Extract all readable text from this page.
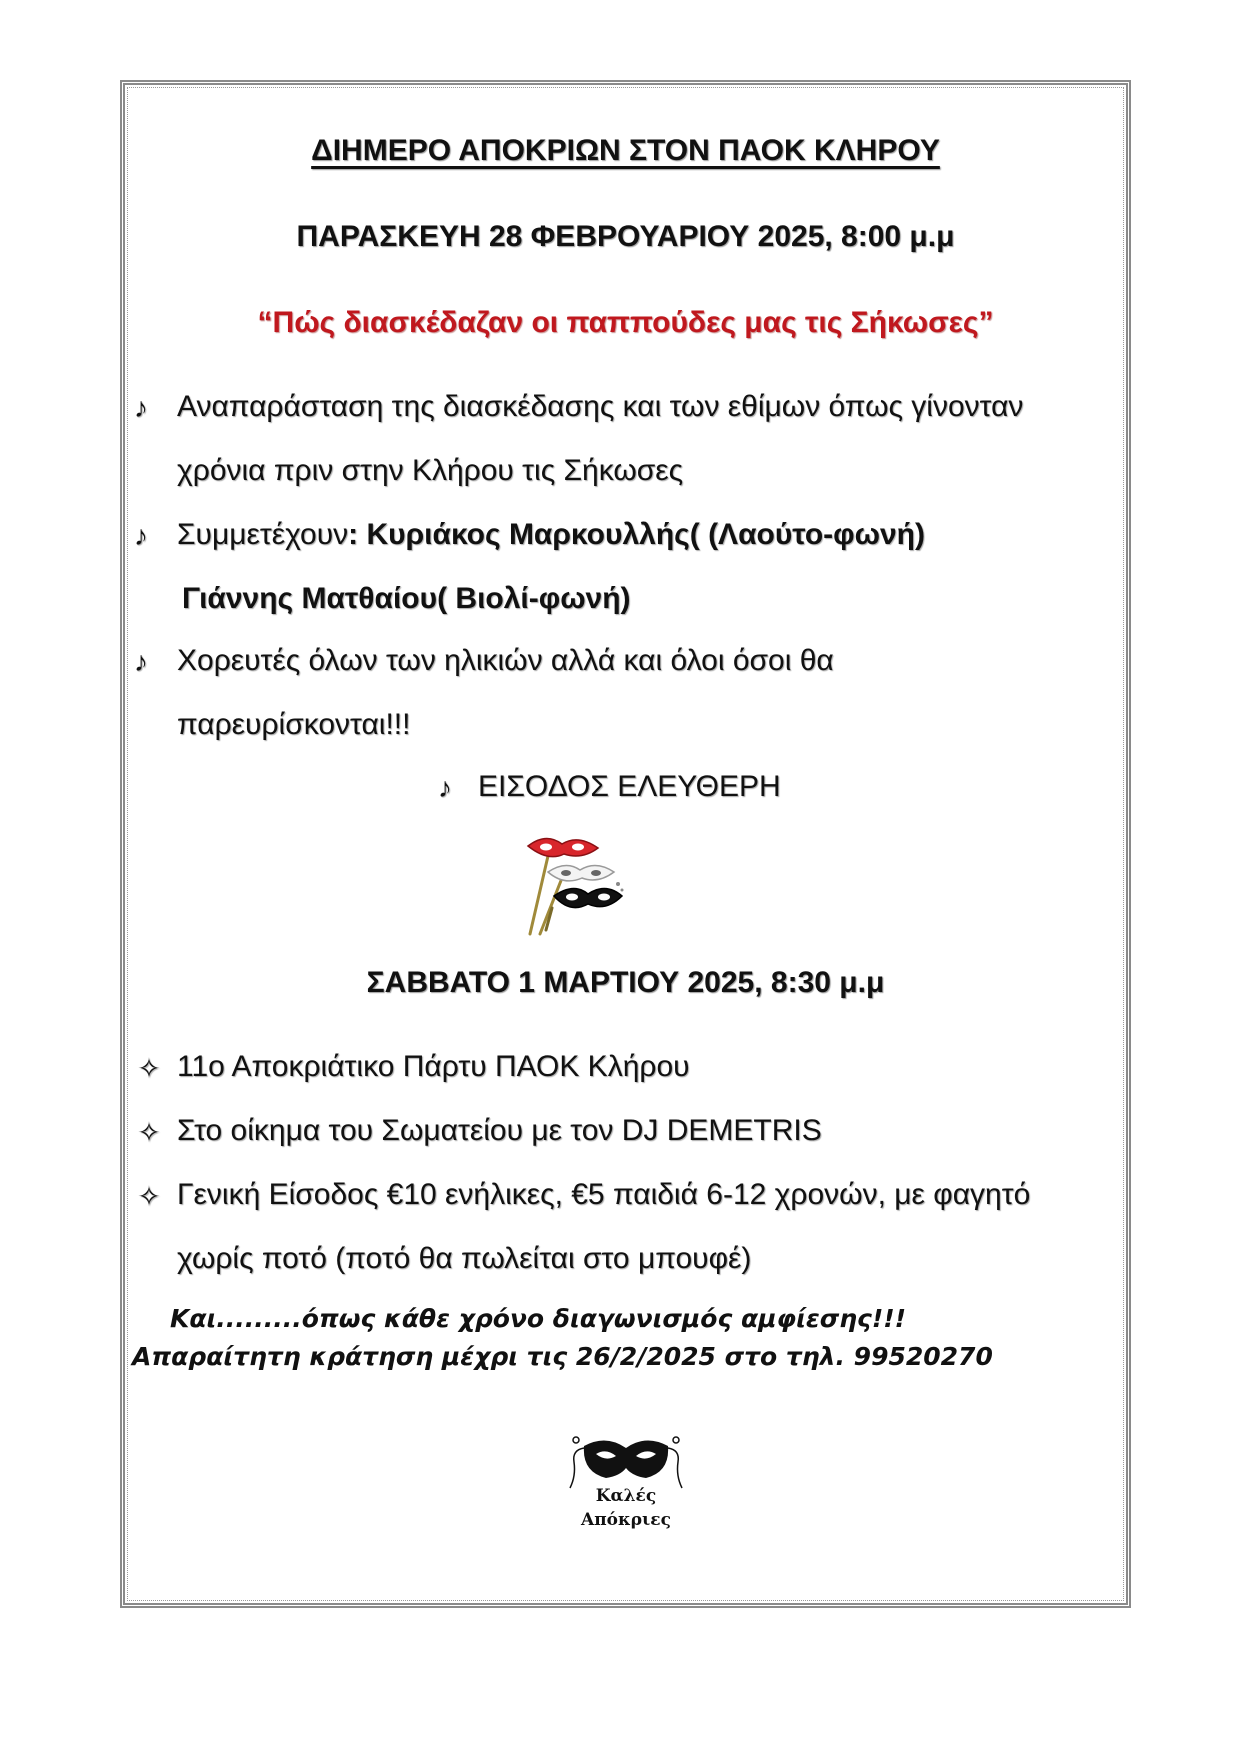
ΔΙΗΜΕΡΟ ΑΠΟΚΡΙΩΝ ΣΤΟΝ ΠΑΟΚ ΚΛΗΡΟΥ
ΠΑΡΑΣΚΕΥΗ 28 ΦΕΒΡΟΥΑΡΙΟΥ 2025, 8:00 μ.μ
“Πώς διασκέδαζαν οι παππούδες μας τις Σήκωσες”
♪ Αναπαράσταση της διασκέδασης και των εθίμων όπως γίνονταν
χρόνια πριν στην Κλήρου τις Σήκωσες
♪ Συμμετέχουν: Κυριάκος Μαρκουλλής( (Λαούτο-φωνή)
Γιάννης Ματθαίου( Βιολί-φωνή)
♪ Χορευτές όλων των ηλικιών αλλά και όλοι όσοι θα
παρευρίσκονται!!!
♪ ΕΙΣΟΔΟΣ ΕΛΕΥΘΕΡΗ
ΣΑΒΒΑΤΟ 1 ΜΑΡΤΙΟΥ 2025, 8:30 μ.μ
✧ 11ο Αποκριάτικο Πάρτυ ΠΑΟΚ Κλήρου
✧ Στο οίκημα του Σωματείου με τον DJ DEMETRIS
✧ Γενική Είσοδος €10 ενήλικες, €5 παιδιά 6-12 χρονών, με φαγητό
χωρίς ποτό (ποτό θα πωλείται στο μπουφέ)
Και.........όπως κάθε χρόνο διαγωνισμός αμφίεσης!!!
Απαραίτητη κράτηση μέχρι τις 26/2/2025 στο τηλ. 99520270
Καλές
Απόκριες
